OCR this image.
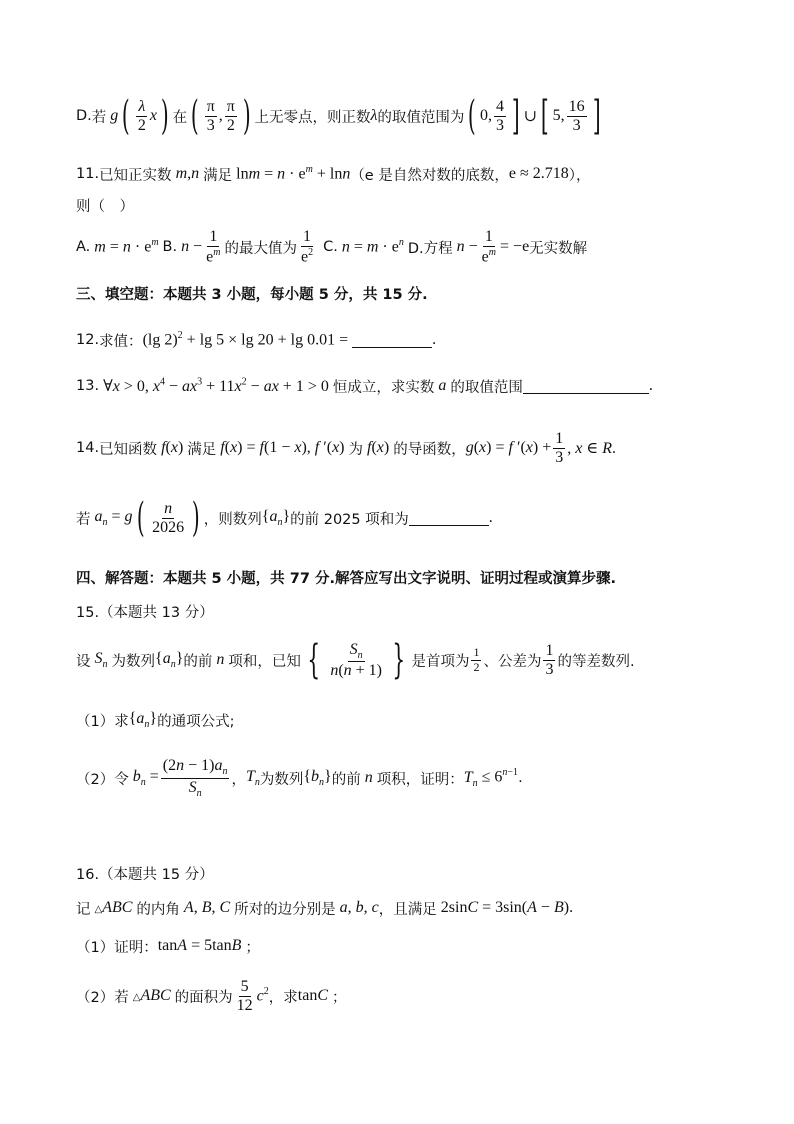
D. 若 g ( $\frac{\lambda}{2}$ x ) 在 ( $\frac{\pi}{3}$ , $\frac{\pi}{2}$ ) 上无零点，则正数 λ 的取值范围为 ( 0, $\frac{4}{3}$ ] ∪ [ 5, $\frac{16}{3}$ ]
11. 已知正实数 m,n 满足 $\ln m = n \cdot e^m + \ln n$ （e 是自然对数的底数， e ≈ 2.718 ），
则（　）
A. $m = n \cdot e^m$ B. $n - \frac{1}{e^m}$ 的最大值为 $\frac{1}{e^2} C$. $n = m \cdot e^n$ D.方程 $n - \frac{1}{e^m} = -e$ 无实数解
三、填空题：本题共 3 小题，每小题 5 分，共 15 分.
12. 求值： (lg 2)$^2$ + lg 5 × lg 20 + lg 0.01 =	.
13. ∀x > 0, $x^4 - ax^3 + 11x^2$ − ax + 1 > 0 恒成立，求实数 a 的取值范围	.
14. 已知函数 f(x) 满足 f(x) = f(1 − x), f ′(x) 为 f(x) 的导函数， g(x) = f $'(x) + \frac{1}{3}$ , x ∈ R.
若 $a_n = g$ ( $\frac{n}{2026}$ ) ，则数列 $\{a_n\}$ 的前 2025 项和为	.
四、解答题：本题共 5 小题，共 77 分.解答应写出文字说明、证明过程或演算步骤.
15.（本题共 13 分）
设 $S_n$ 为数列 $\{a_n\}$ 的前 n 项和，已知 { $\frac{S_n}{n(n + 1)}$ } 是首项为 $\frac{1}{2}$ 、公差为 $\frac{1}{3}$ 的等差数列.
（1）求 $\{a_n\}$ 的通项公式;
（2）令 $b_n = \frac{(2n - 1)a_n}{S_n}$ ， $T_n$ 为数列 $\{b_n\}$ 的前 n 项积，证明： $T_n \le 6^{n-1}$ .
16.（本题共 15 分）
记 △ABC 的内角 A, B, C 所对的边分别是 a, b, c ，且满足 2sinC = 3sin(A − B).
（1）证明： tanA = 5tanB ；
（2）若 △ABC 的面积为 $\frac{5}{12} c^2$ ，求 tanC ；
